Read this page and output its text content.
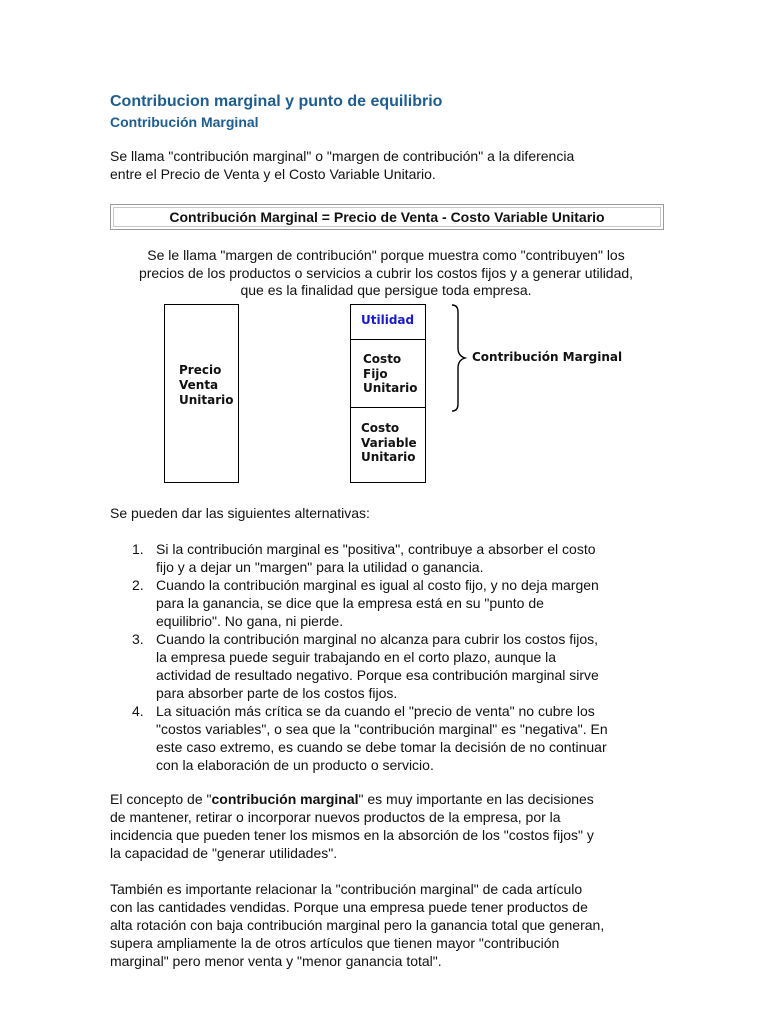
Contribucion marginal y punto de equilibrio
Contribución Marginal

Se llama "contribución marginal" o "margen de contribución" a la diferencia

entre el Precio de Venta y el Costo Variable Unitario.

Contribución Marginal = Precio de Venta - Costo Variable Unitario
Se le llama "margen de contribución" porque muestra como "contribuyen" los
precios de los productos o servicios a cubrir los costos fijos y a generar utilidad,
que es la finalidad que persigue toda empresa.
Precio
Venta
Unitario
Utilidad
Costo
Fijo
Unitario
Costo
Variable
Unitario
Contribución Marginal
Se pueden dar las siguientes alternativas:
1. Si la contribución marginal es "positiva", contribuye a absorber el costo
fijo y a dejar un "margen" para la utilidad o ganancia.
2. Cuando la contribución marginal es igual al costo fijo, y no deja margen
para la ganancia, se dice que la empresa está en su "punto de
equilibrio". No gana, ni pierde.
3. Cuando la contribución marginal no alcanza para cubrir los costos fijos,
la empresa puede seguir trabajando en el corto plazo, aunque la
actividad de resultado negativo. Porque esa contribución marginal sirve
para absorber parte de los costos fijos.
4. La situación más crítica se da cuando el "precio de venta" no cubre los
"costos variables", o sea que la "contribución marginal" es "negativa". En
este caso extremo, es cuando se debe tomar la decisión de no continuar
con la elaboración de un producto o servicio.
El concepto de "contribución marginal" es muy importante en las decisiones
de mantener, retirar o incorporar nuevos productos de la empresa, por la
incidencia que pueden tener los mismos en la absorción de los "costos fijos" y
la capacidad de "generar utilidades".
También es importante relacionar la "contribución marginal" de cada artículo
con las cantidades vendidas. Porque una empresa puede tener productos de
alta rotación con baja contribución marginal pero la ganancia total que generan,
supera ampliamente la de otros artículos que tienen mayor "contribución
marginal" pero menor venta y "menor ganancia total".
